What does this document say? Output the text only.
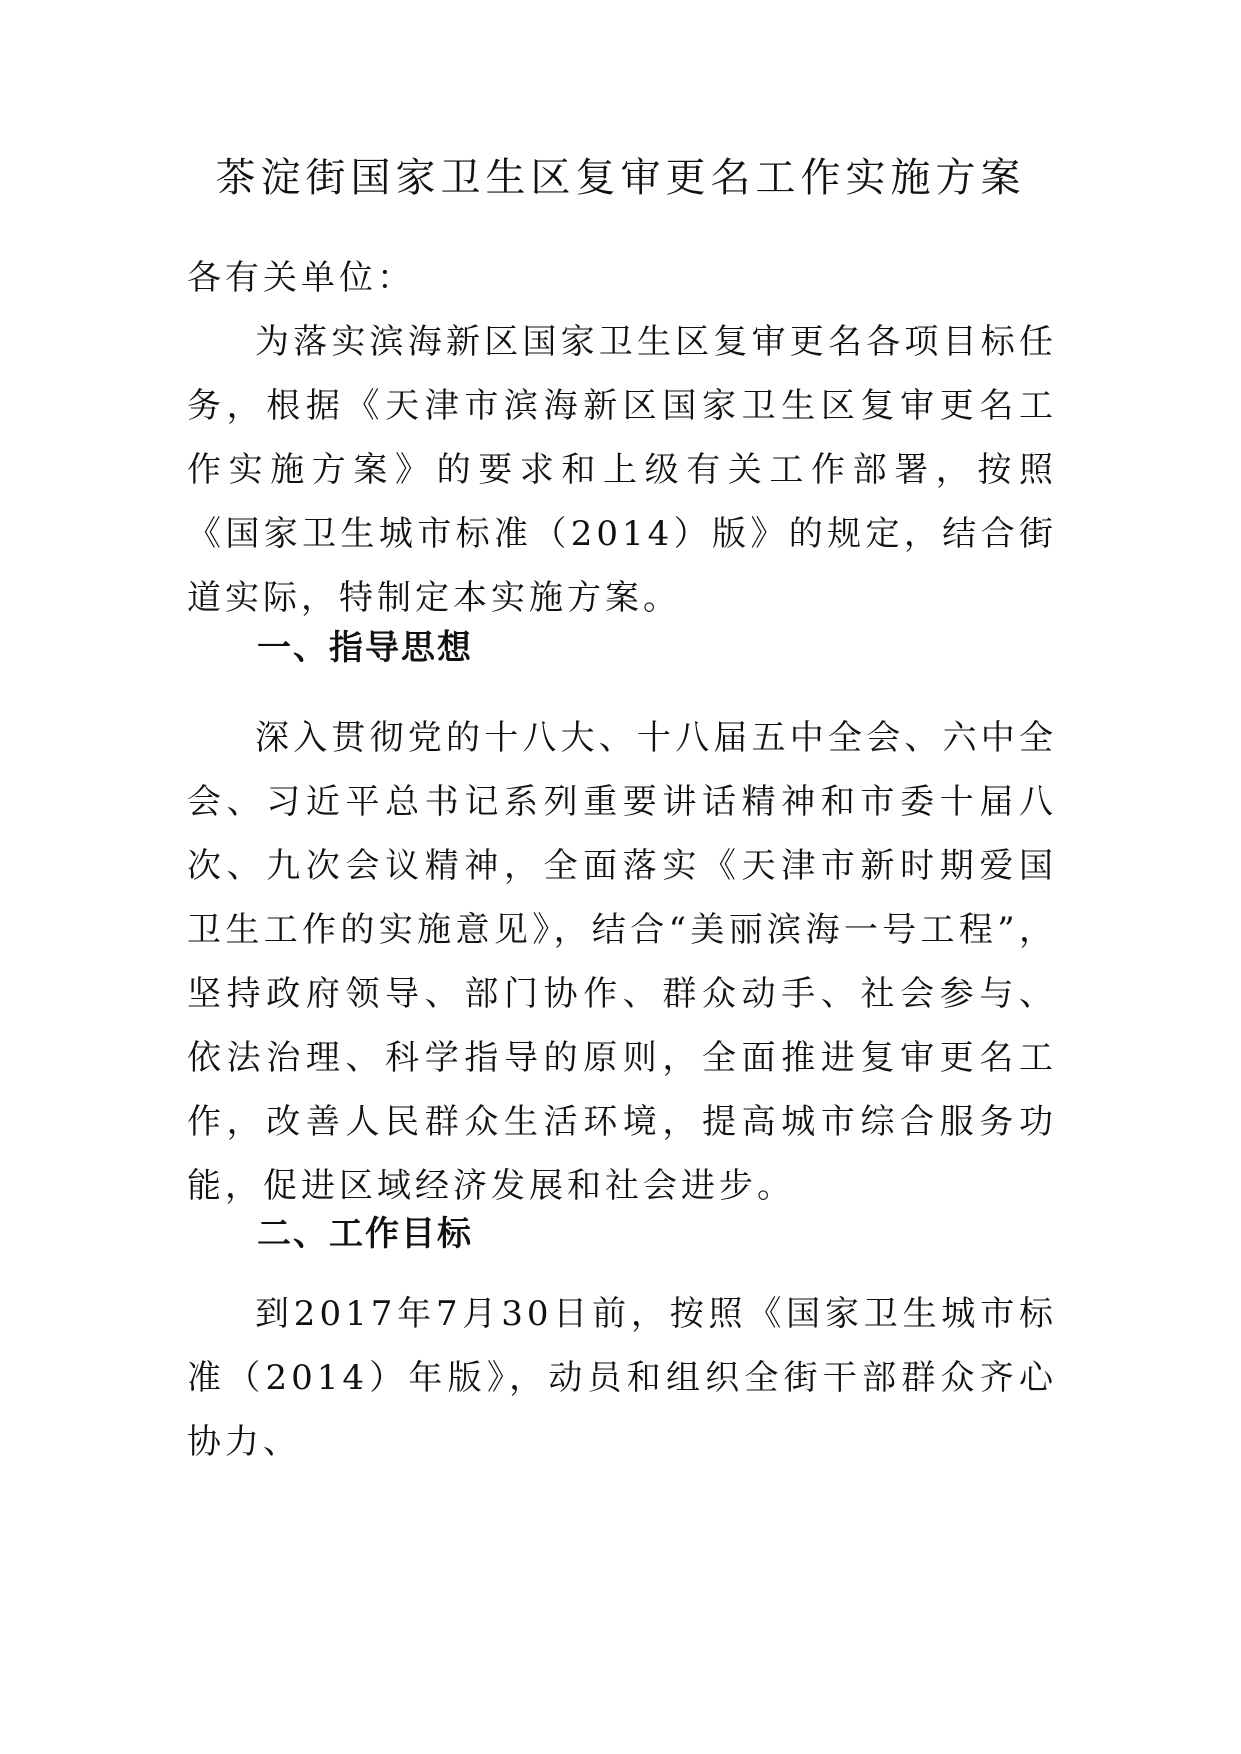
茶淀街国家卫生区复审更名工作实施方案
各有关单位：

为落实滨海新区国家卫生区复审更名各项目标任务，根据《天津市滨海新区国家卫生区复审更名工作实施方案》的要求和上级有关工作部署，按照《国家卫生城市标准（2014）版》的规定，结合街道实际，特制定本实施方案。

一、指导思想

深入贯彻党的十八大、十八届五中全会、六中全会、习近平总书记系列重要讲话精神和市委十届八次、九次会议精神，全面落实《天津市新时期爱国卫生工作的实施意见》，结合“美丽滨海一号工程”，坚持政府领导、部门协作、群众动手、社会参与、依法治理、科学指导的原则，全面推进复审更名工作，改善人民群众生活环境，提高城市综合服务功能，促进区域经济发展和社会进步。

二、工作目标

到2017年7月30日前，按照《国家卫生城市标准（2014）年版》，动员和组织全街干部群众齐心协力、
